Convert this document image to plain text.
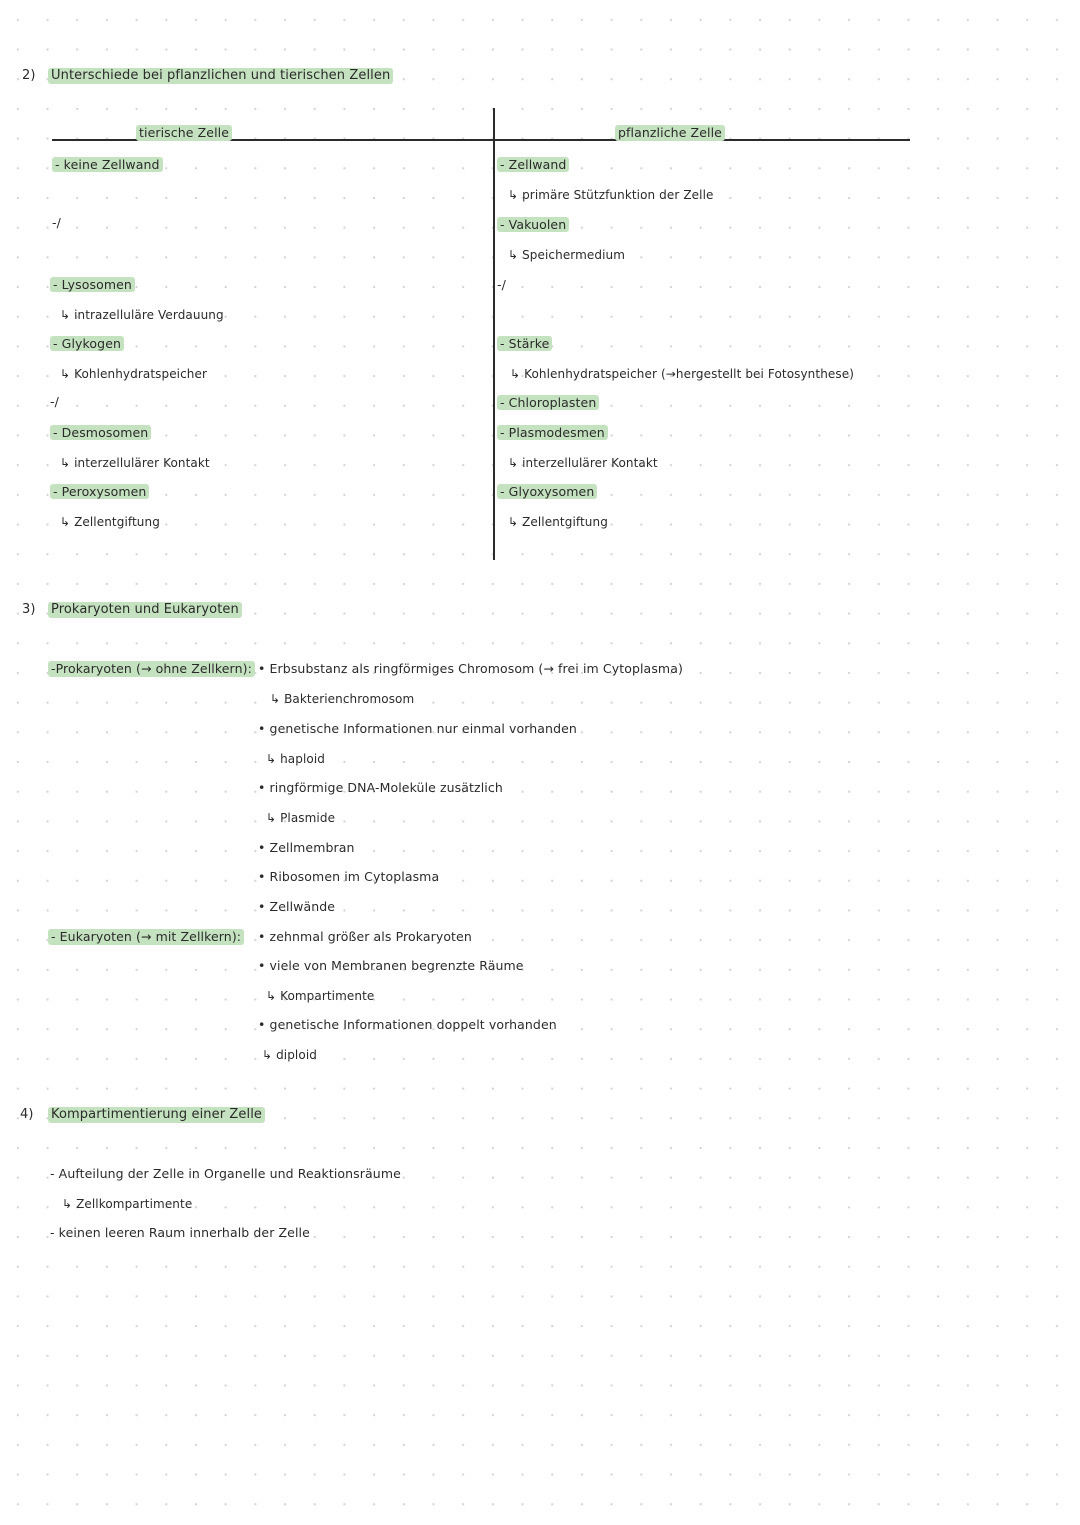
2) Unterschiede bei pflanzlichen und tierischen Zellen
tierische Zelle	pflanzliche Zelle
- keine Zellwand
-/
- Lysosomen
↳ intrazelluläre Verdauung
- Glykogen
↳ Kohlenhydratspeicher
-/
- Desmosomen
↳ interzellulärer Kontakt
- Peroxysomen
↳ Zellentgiftung
- Zellwand
↳ primäre Stützfunktion der Zelle
- Vakuolen
↳ Speichermedium
-/
- Stärke
↳ Kohlenhydratspeicher (→hergestellt bei Fotosynthese)
- Chloroplasten
- Plasmodesmen
↳ interzellulärer Kontakt
- Glyoxysomen
↳ Zellentgiftung
3) Prokaryoten und Eukaryoten
-Prokaryoten (→ ohne Zellkern): • Erbsubstanz als ringförmiges Chromosom (→ frei im Cytoplasma)
↳ Bakterienchromosom
• genetische Informationen nur einmal vorhanden
↳ haploid
• ringförmige DNA-Moleküle zusätzlich
↳ Plasmide
• Zellmembran
• Ribosomen im Cytoplasma
• Zellwände
- Eukaryoten (→ mit Zellkern): • zehnmal größer als Prokaryoten
• viele von Membranen begrenzte Räume
↳ Kompartimente
• genetische Informationen doppelt vorhanden
↳ diploid
4) Kompartimentierung einer Zelle
- Aufteilung der Zelle in Organelle und Reaktionsräume
↳ Zellkompartimente
- keinen leeren Raum innerhalb der Zelle
